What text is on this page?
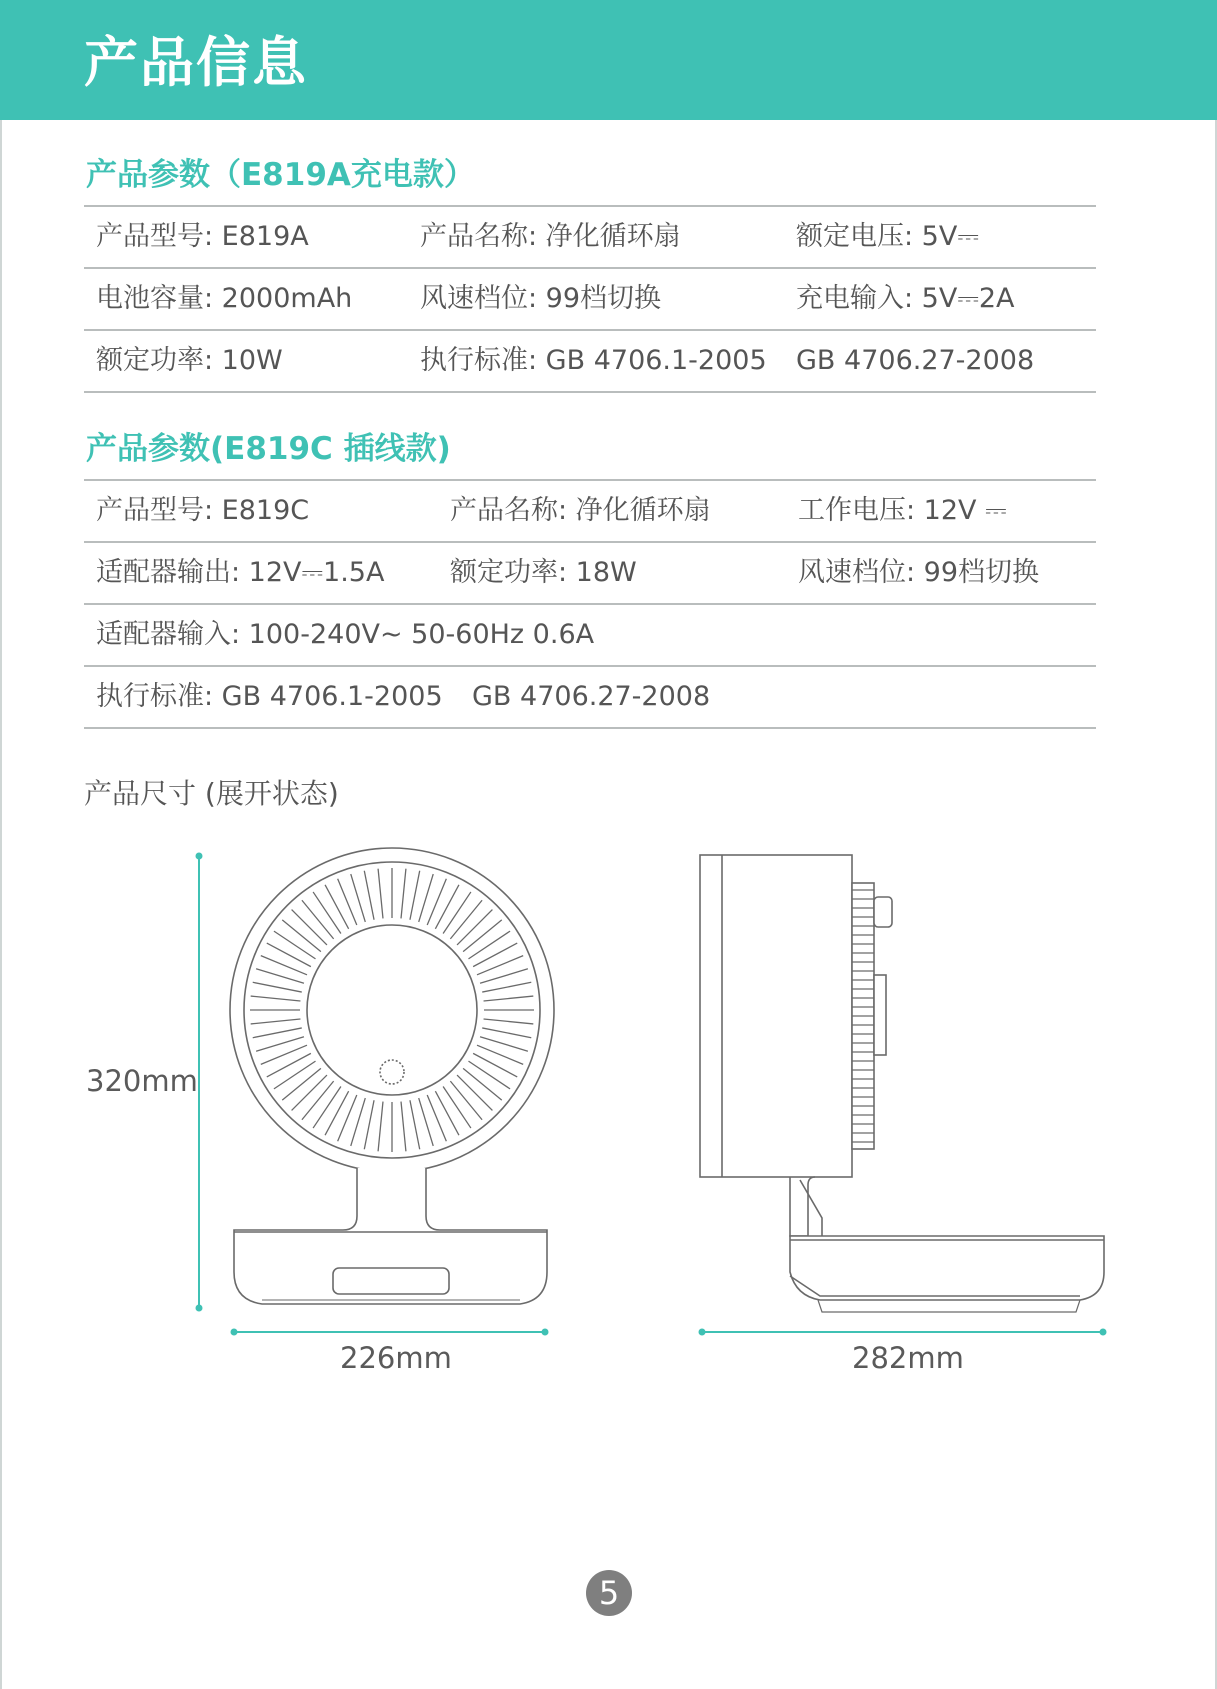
产品信息
产品参数（E819A充电款）
产品型号: E819A	产品名称: 净化循环扇	额定电压: 5V⎓
电池容量: 2000mAh	风速档位: 99档切换	充电输入: 5V⎓2A
额定功率: 10W	执行标准: GB 4706.1-2005 GB 4706.27-2008
产品参数(E819C 插线款)
产品型号: E819C	产品名称: 净化循环扇	工作电压: 12V ⎓
适配器输出: 12V⎓1.5A 额定功率: 18W	风速档位: 99档切换
适配器输入: 100-240V~ 50-60Hz 0.6A
执行标准: GB 4706.1-2005 GB 4706.27-2008
产品尺寸 (展开状态)
320mm
226mm	282mm
5
